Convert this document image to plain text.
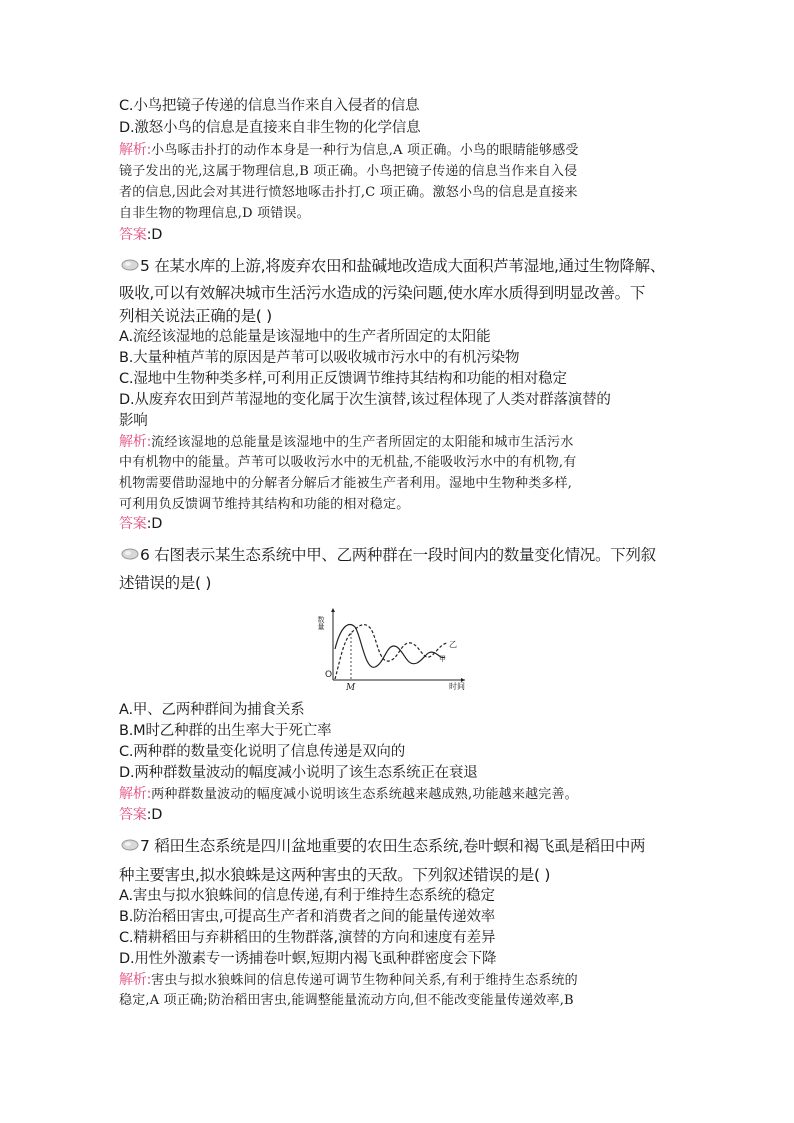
C.小鸟把镜子传递的信息当作来自入侵者的信息
D.激怒小鸟的信息是直接来自非生物的化学信息
解析:小鸟啄击扑打的动作本身是一种行为信息,A 项正确。小鸟的眼睛能够感受
镜子发出的光,这属于物理信息,B 项正确。小鸟把镜子传递的信息当作来自入侵
者的信息,因此会对其进行愤怒地啄击扑打,C 项正确。激怒小鸟的信息是直接来
自非生物的物理信息,D 项错误。
答案:D
5 在某水库的上游,将废弃农田和盐碱地改造成大面积芦苇湿地,通过生物降解、
吸收,可以有效解决城市生活污水造成的污染问题,使水库水质得到明显改善。下
列相关说法正确的是( )
A.流经该湿地的总能量是该湿地中的生产者所固定的太阳能
B.大量种植芦苇的原因是芦苇可以吸收城市污水中的有机污染物
C.湿地中生物种类多样,可利用正反馈调节维持其结构和功能的相对稳定
D.从废弃农田到芦苇湿地的变化属于次生演替,该过程体现了人类对群落演替的
影响
解析:流经该湿地的总能量是该湿地中的生产者所固定的太阳能和城市生活污水
中有机物中的能量。芦苇可以吸收污水中的无机盐,不能吸收污水中的有机物,有
机物需要借助湿地中的分解者分解后才能被生产者利用。湿地中生物种类多样,
可利用负反馈调节维持其结构和功能的相对稳定。
答案:D
6 右图表示某生态系统中甲、乙两种群在一段时间内的数量变化情况。下列叙
述错误的是( )
数量
O
M	时间
乙
甲
A.甲、乙两种群间为捕食关系
B.M时乙种群的出生率大于死亡率
C.两种群的数量变化说明了信息传递是双向的
D.两种群数量波动的幅度减小说明了该生态系统正在衰退
解析:两种群数量波动的幅度减小说明该生态系统越来越成熟,功能越来越完善。
答案:D
7 稻田生态系统是四川盆地重要的农田生态系统,卷叶螟和褐飞虱是稻田中两
种主要害虫,拟水狼蛛是这两种害虫的天敌。下列叙述错误的是( )
A.害虫与拟水狼蛛间的信息传递,有利于维持生态系统的稳定
B.防治稻田害虫,可提高生产者和消费者之间的能量传递效率
C.精耕稻田与弃耕稻田的生物群落,演替的方向和速度有差异
D.用性外激素专一诱捕卷叶螟,短期内褐飞虱种群密度会下降
解析:害虫与拟水狼蛛间的信息传递可调节生物种间关系,有利于维持生态系统的
稳定,A 项正确;防治稻田害虫,能调整能量流动方向,但不能改变能量传递效率,B
